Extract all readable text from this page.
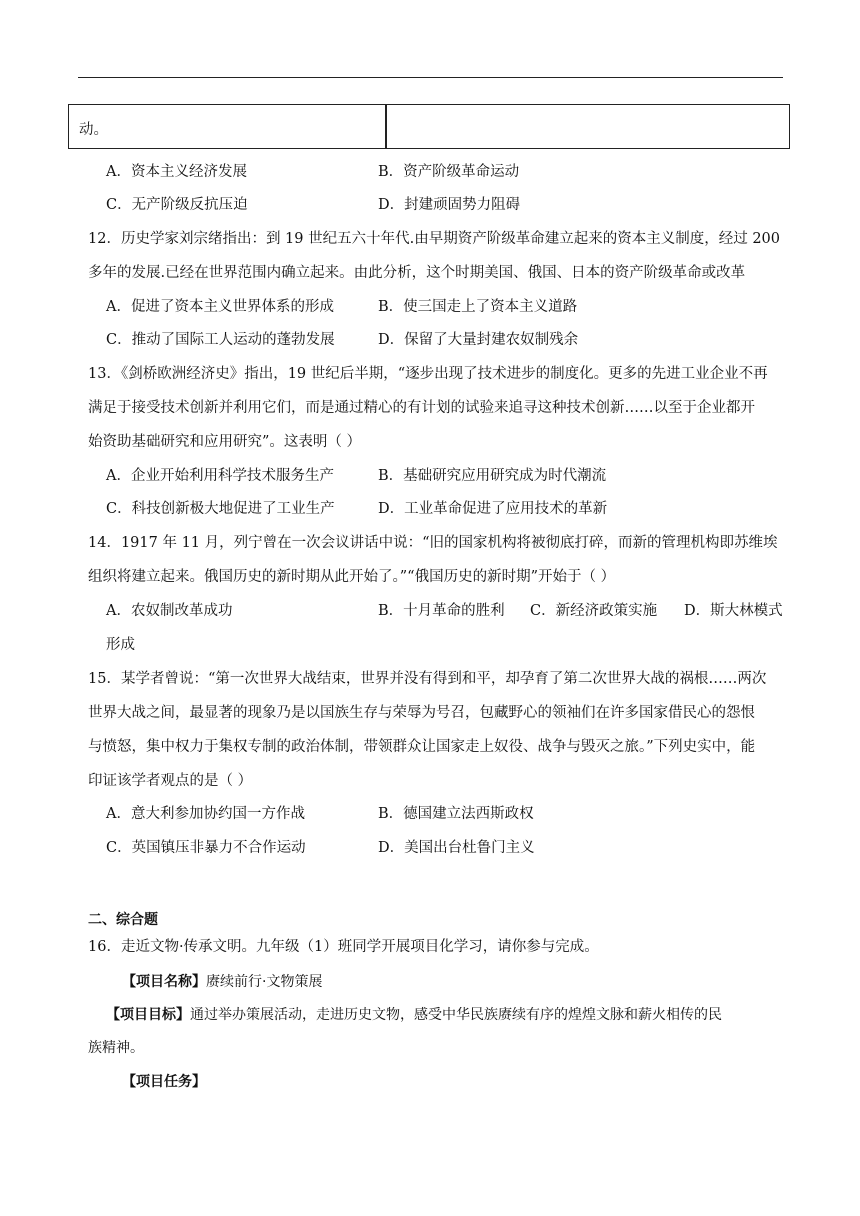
动。
A．资本主义经济发展	B．资产阶级革命运动
C．无产阶级反抗压迫	D．封建顽固势力阻碍
12．历史学家刘宗绪指出：到 19 世纪五六十年代.由早期资产阶级革命建立起来的资本主义制度，经过 200
多年的发展.已经在世界范围内确立起来。由此分析，这个时期美国、俄国、日本的资产阶级革命或改革
A．促进了资本主义世界体系的形成	B．使三国走上了资本主义道路
C．推动了国际工人运动的蓬勃发展	D．保留了大量封建农奴制残余
13．《剑桥欧洲经济史》指出，19 世纪后半期，“逐步出现了技术进步的制度化。更多的先进工业企业不再
满足于接受技术创新并利用它们，而是通过精心的有计划的试验来追寻这种技术创新……以至于企业都开
始资助基础研究和应用研究”。这表明（ ）
A．企业开始利用科学技术服务生产	B．基础研究应用研究成为时代潮流
C．科技创新极大地促进了工业生产	D．工业革命促进了应用技术的革新
14．1917 年 11 月，列宁曾在一次会议讲话中说：“旧的国家机构将被彻底打碎，而新的管理机构即苏维埃
组织将建立起来。俄国历史的新时期从此开始了。”“俄国历史的新时期”开始于（ ）
A．农奴制改革成功	B．十月革命的胜利 C．新经济政策实施 D．斯大林模式
形成
15．某学者曾说：“第一次世界大战结束，世界并没有得到和平，却孕育了第二次世界大战的祸根……两次
世界大战之间，最显著的现象乃是以国族生存与荣辱为号召，包藏野心的领袖们在许多国家借民心的怨恨
与愤怒，集中权力于集权专制的政治体制，带领群众让国家走上奴役、战争与毁灭之旅。”下列史实中，能
印证该学者观点的是（ ）
A．意大利参加协约国一方作战	B．德国建立法西斯政权
C．英国镇压非暴力不合作运动	D．美国出台杜鲁门主义
二、综合题
16．走近文物·传承文明。九年级（1）班同学开展项目化学习，请你参与完成。
【项目名称】赓续前行·文物策展
【项目目标】通过举办策展活动，走进历史文物，感受中华民族赓续有序的煌煌文脉和薪火相传的民
族精神。
【项目任务】
